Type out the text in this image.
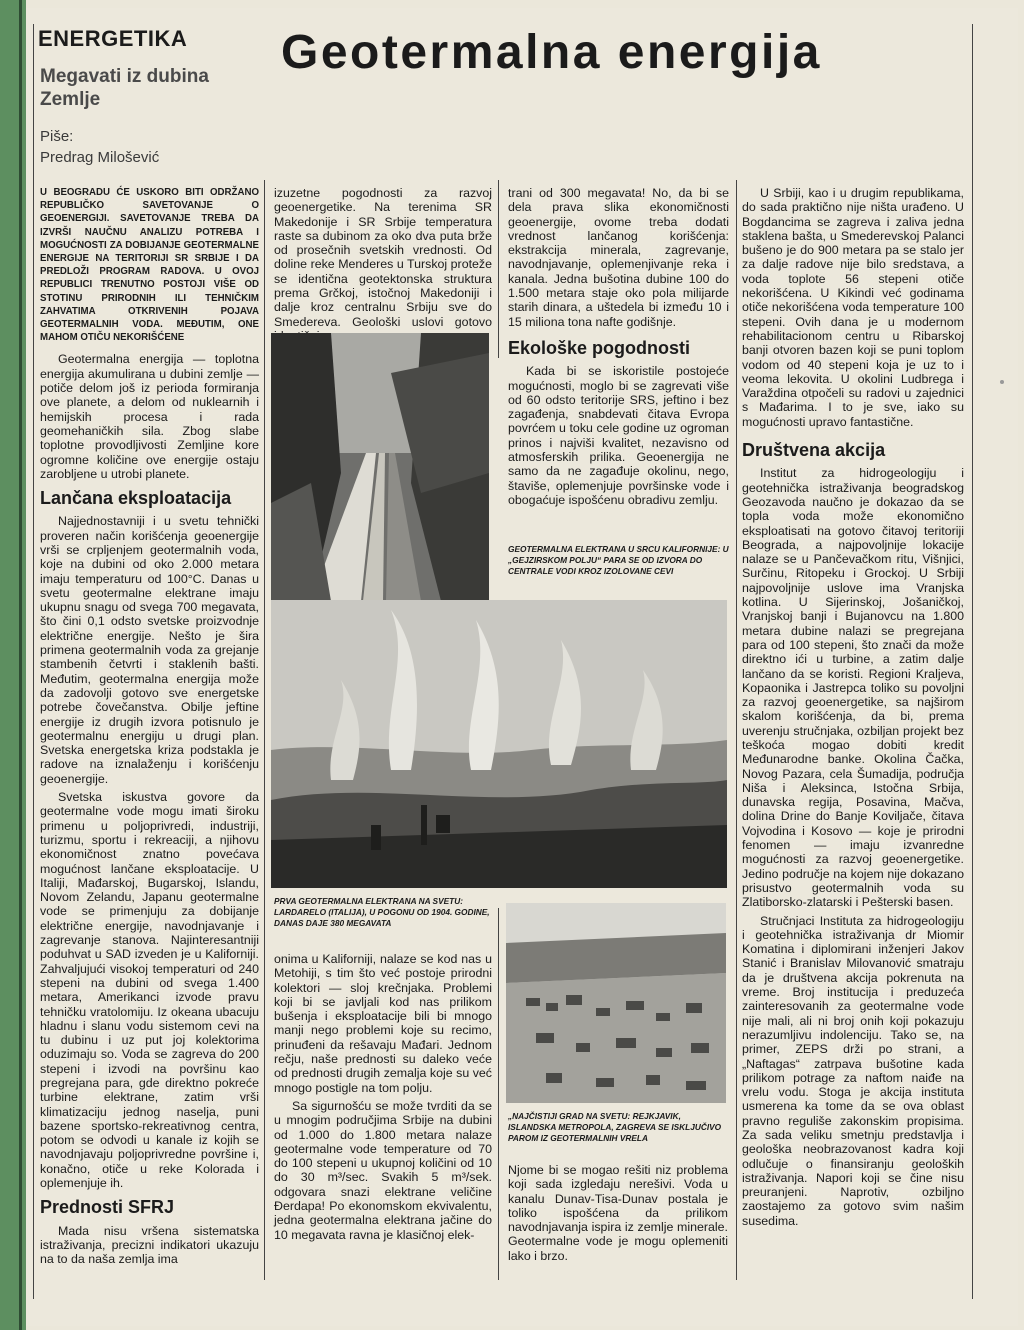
ENERGETIKA
Megavati iz dubina Zemlje
Piše:
Predrag Milošević
Geotermalna energija

U BEOGRADU ĆE USKORO BITI ODRŽANO REPUBLIČKO SAVETOVANJE O GEOENERGIJI. SAVETOVANJE TREBA DA IZVRŠI NAUČNU ANALIZU POTREBA I MOGUĆNOSTI ZA DOBIJANJE GEOTERMALNE ENERGIJE NA TERITORIJI SR SRBIJE I DA PREDLOŽI PROGRAM RADOVA. U OVOJ REPUBLICI TRENUTNO POSTOJI VIŠE OD STOTINU PRIRODNIH ILI TEHNIČKIM ZAHVATIMA OTKRIVENIH POJAVA GEOTERMALNIH VODA. MEĐUTIM, ONE MAHOM OTIČU NEKORIŠĆENE

Geotermalna energija — toplotna energija akumulirana u dubini zemlje — potiče delom još iz perioda formiranja ove planete, a delom od nuklearnih i hemijskih procesa i rada geomehaničkih sila. Zbog slabe toplotne provodljivosti Zemljine kore ogromne količine ove energije ostaju zarobljene u utrobi planete.

Lančana eksploatacija

Najjednostavniji i u svetu tehnički proveren način korišćenja geoenergije vrši se crpljenjem geotermalnih voda, koje na dubini od oko 2.000 metara imaju temperaturu od 100°C. Danas u svetu geotermalne elektrane imaju ukupnu snagu od svega 700 megavata, što čini 0,1 odsto svetske proizvodnje električne energije. Nešto je šira primena geotermalnih voda za grejanje stambenih četvrti i staklenih bašti. Međutim, geotermalna energija može da zadovolji gotovo sve energetske potrebe čovečanstva. Obilje jeftine energije iz drugih izvora potisnulo je geotermalnu energiju u drugi plan. Svetska energetska kriza podstakla je radove na iznalaženju i korišćenju geoenergije.

Svetska iskustva govore da geotermalne vode mogu imati široku primenu u poljoprivredi, industriji, turizmu, sportu i rekreaciji, a njihovu ekonomičnost znatno povećava mogućnost lančane eksploatacije. U Italiji, Mađarskoj, Bugarskoj, Islandu, Novom Zelandu, Japanu geotermalne vode se primenjuju za dobijanje električne energije, navodnjavanje i zagrevanje stanova. Najinteresantniji poduhvat u SAD izveden je u Kaliforniji. Zahvaljujući visokoj temperaturi od 240 stepeni na dubini od svega 1.400 metara, Amerikanci izvode pravu tehničku vratolomiju. Iz okeana ubacuju hladnu i slanu vodu sistemom cevi na tu dubinu i uz put joj kolektorima oduzimaju so. Voda se zagreva do 200 stepeni i izvodi na površinu kao pregrejana para, gde direktno pokreće turbine elektrane, zatim vrši klimatizaciju jednog naselja, puni bazene sportsko-rekreativnog centra, potom se odvodi u kanale iz kojih se navodnjavaju poljoprivredne površine i, konačno, otiče u reke Kolorada i oplemenjuje ih.

Prednosti SFRJ

Mada nisu vršena sistematska istraživanja, precizni indikatori ukazuju na to da naša zemlja ima

izuzetne pogodnosti za razvoj geoenergetike. Na terenima SR Makedonije i SR Srbije temperatura raste sa dubinom za oko dva puta brže od prosečnih svetskih vrednosti. Od doline reke Menderes u Turskoj proteže se identična geotektonska struktura prema Grčkoj, istočnoj Makedoniji i dalje kroz centralnu Srbiju sve do Smedereva. Geološki uslovi gotovo

trani od 300 megavata! No, da bi se dela prava slika ekonomičnosti geoenergije, ovome treba dodati vrednost lančanog korišćenja: ekstrakcija minerala, zagrevanje, navodnjavanje, oplemenjivanje reka i kanala. Jedna bušotina dubine 100 do 1.500 metara staje oko pola milijarde starih dinara, a uštedela bi između 10 i 15 miliona tona nafte godišnje.

Ekološke pogodnosti

Kada bi se iskoristile postojeće mogućnosti, moglo bi se zagrevati više od 60 odsto teritorije SRS, jeftino i bez zagađenja, snabdevati čitava Evropa povrćem u toku cele godine uz ogroman prinos i najviši kvalitet, nezavisno od atmosferskih prilika. Geoenergija ne samo da ne zagađuje okolinu, nego, štaviše, oplemenjuje površinske vode i obogaćuje ispošćenu obradivu zemlju.

GEOTERMALNA ELEKTRANA U SRCU KALIFORNIJE: U „GEJZIRSKOM POLJU“ PARA SE OD IZVORA DO CENTRALE VODI KROZ IZOLOVANE CEVI
PRVA GEOTERMALNA ELEKTRANA NA SVETU: LARDARELO (ITALIJA), U POGONU OD 1904. GODINE, DANAS DAJE 380 MEGAVATA

onima u Kaliforniji, nalaze se kod nas u Metohiji, s tim što već postoje prirodni kolektori — sloj krečnjaka. Problemi koji bi se javljali kod nas prilikom bušenja i eksploatacije bili bi mnogo manji nego problemi koje su recimo, prinuđeni da rešavaju Mađari. Jednom rečju, naše prednosti su daleko veće od prednosti drugih zemalja koje su već mnogo postigle na tom polju.

Sa sigurnošću se može tvrditi da se u mnogim područjima Srbije na dubini od 1.000 do 1.800 metara nalaze geotermalne vode temperature od 70 do 100 stepeni u ukupnoj količini od 10 do 30 m³/sec. Svakih 5 m³/sek. odgovara snazi elektrane veličine Đerdapa! Po ekonomskom ekvivalentu, jedna geotermalna elektrana jačine do 10 megavata ravna je klasičnoj elek-

„NAJČISTIJI GRAD NA SVETU: REJKJAVIK, ISLANDSKA METROPOLA, ZAGREVA SE ISKLJUČIVO PAROM IZ GEOTERMALNIH VRELA

Njome bi se mogao rešiti niz problema koji sada izgledaju nerešivi. Voda u kanalu Dunav-Tisa-Dunav postala je toliko ispošćena da prilikom navodnjavanja ispira iz zemlje minerale. Geotermalne vode je mogu oplemeniti lako i brzo.

U Srbiji, kao i u drugim republikama, do sada praktično nije ništa urađeno. U Bogdancima se zagreva i zaliva jedna staklena bašta, u Smederevskoj Palanci bušeno je do 900 metara pa se stalo jer za dalje radove nije bilo sredstava, a voda toplote 56 stepeni otiče nekorišćena. U Kikindi već godinama otiče nekorišćena voda temperature 100 stepeni. Ovih dana je u modernom rehabilitacionom centru u Ribarskoj banji otvoren bazen koji se puni toplom vodom od 40 stepeni koja je uz to i veoma lekovita. U okolini Ludbrega i Varaždina otpočeli su radovi u zajednici s Mađarima. I to je sve, iako su mogućnosti upravo fantastične.

Društvena akcija

Institut za hidrogeologiju i geotehnička istraživanja beogradskog Geozavoda naučno je dokazao da se topla voda može ekonomično eksploatisati na gotovo čitavoj teritoriji Beograda, a najpovoljnije lokacije nalaze se u Pančevačkom ritu, Višnjici, Surčinu, Ritopeku i Grockoj. U Srbiji najpovoljnije uslove ima Vranjska kotlina. U Sijerinskoj, Jošaničkoj, Vranjskoj banji i Bujanovcu na 1.800 metara dubine nalazi se pregrejana para od 100 stepeni, što znači da može direktno ići u turbine, a zatim dalje lančano da se koristi. Regioni Kraljeva, Kopaonika i Jastrepca toliko su povoljni za razvoj geoenergetike, sa najširom skalom korišćenja, da bi, prema uverenju stručnjaka, ozbiljan projekt bez teškoća mogao dobiti kredit Međunarodne banke. Okolina Čačka, Novog Pazara, cela Šumadija, područja Niša i Aleksinca, Istočna Srbija, dunavska regija, Posavina, Mačva, dolina Drine do Banje Koviljače, čitava Vojvodina i Kosovo — koje je prirodni fenomen — imaju izvanredne mogućnosti za razvoj geoenergetike. Jedino područje na kojem nije dokazano prisustvo geotermalnih voda su Zlatiborsko-zlatarski i Pešterski basen.

Stručnjaci Instituta za hidrogeologiju i geotehnička istraživanja dr Miomir Komatina i diplomirani inženjeri Jakov Stanić i Branislav Milovanović smatraju da je društvena akcija pokrenuta na vreme. Broj institucija i preduzeća zainteresovanih za geotermalne vode nije mali, ali ni broj onih koji pokazuju nerazumljivu indolenciju. Tako se, na primer, ZEPS drži po strani, a „Naftagas“ zatrpava bušotine kada prilikom potrage za naftom naiđe na vrelu vodu. Stoga je akcija instituta usmerena ka tome da se ova oblast pravno reguliše zakonskim propisima. Za sada veliku smetnju predstavlja i geološka neobrazovanost kadra koji odlučuje o finansiranju geoloških istraživanja. Napori koji se čine nisu preuranjeni. Naprotiv, ozbiljno zaostajemo za gotovo svim našim susedima.
